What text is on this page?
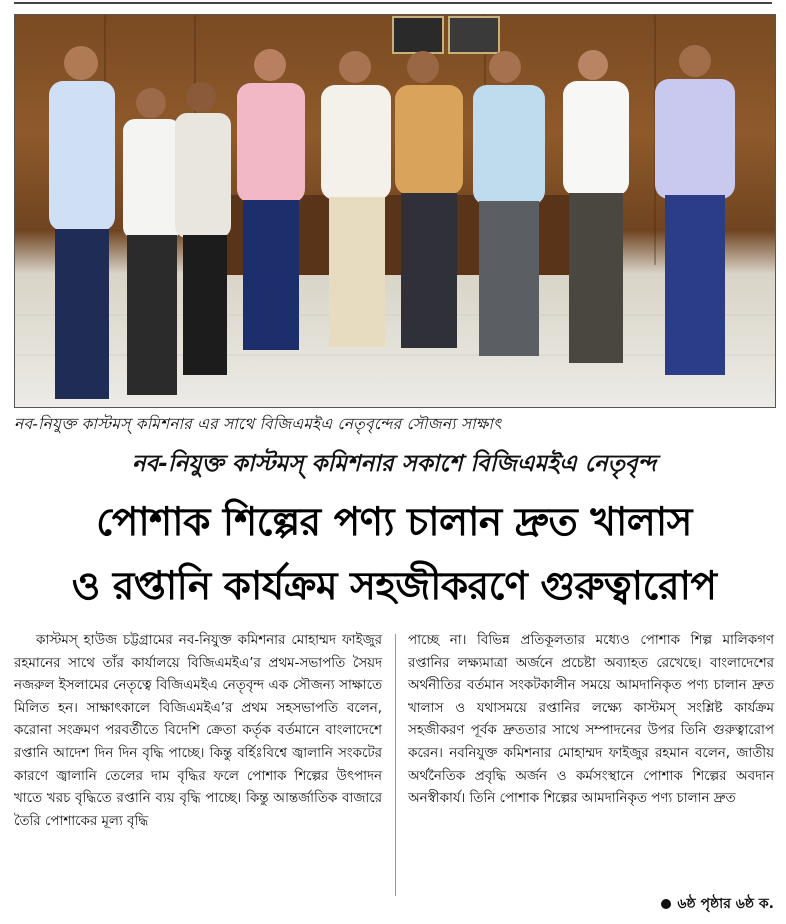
নব-নিযুক্ত কাস্টমস্ কমিশনার এর সাথে বিজিএমইএ নেতৃবৃন্দের সৌজন্য সাক্ষাৎ
নব-নিযুক্ত কাস্টমস্ কমিশনার সকাশে বিজিএমইএ নেতৃবৃন্দ
পোশাক শিল্পের পণ্য চালান দ্রুত খালাস
ও রপ্তানি কার্যক্রম সহজীকরণে গুরুত্বারোপ
কাস্টমস্ হাউজ চট্টগ্রামের নব-নিযুক্ত কমিশনার মোহাম্মদ ফাইজুর রহমানের সাথে তাঁর কার্যালয়ে বিজিএমইএ’র প্রথম-সভাপতি সৈয়দ নজরুল ইসলামের নেতৃত্বে বিজিএমইএ নেতৃবৃন্দ এক সৌজন্য সাক্ষাতে মিলিত হন। সাক্ষাৎকালে বিজিএমইএ’র প্রথম সহসভাপতি বলেন, করোনা সংক্রমণ পরবর্তীতে বিদেশি ক্রেতা কর্তৃক বর্তমানে বাংলাদেশে রপ্তানি আদেশ দিন দিন বৃদ্ধি পাচ্ছে। কিন্তু বর্হিঃবিশ্বে জ্বালানি সংকটের কারণে জ্বালানি তেলের দাম বৃদ্ধির ফলে পোশাক শিল্পের উৎপাদন খাতে খরচ বৃদ্ধিতে রপ্তানি ব্যয় বৃদ্ধি পাচ্ছে। কিন্তু আন্তর্জাতিক বাজারে তৈরি পোশাকের মূল্য বৃদ্ধি
পাচ্ছে না। বিভিন্ন প্রতিকূলতার মধ্যেও পোশাক শিল্প মালিকগণ রপ্তানির লক্ষ্যমাত্রা অর্জনে প্রচেষ্টা অব্যাহত রেখেছে। বাংলাদেশের অর্থনীতির বর্তমান সংকটকালীন সময়ে আমদানিকৃত পণ্য চালান দ্রুত খালাস ও যথাসময়ে রপ্তানির লক্ষ্যে কাস্টমস্ সংশ্লিষ্ট কার্যক্রম সহজীকরণ পূর্বক দ্রুততার সাথে সম্পাদনের উপর তিনি গুরুত্বারোপ করেন। নবনিযুক্ত কমিশনার মোহাম্মদ ফাইজুর রহমান বলেন, জাতীয় অর্থনৈতিক প্রবৃদ্ধি অর্জন ও কর্মসংস্থানে পোশাক শিল্পের অবদান অনস্বীকার্য। তিনি পোশাক শিল্পের আমদানিকৃত পণ্য চালান দ্রুত
৬ষ্ঠ পৃষ্ঠার ৬ষ্ঠ ক.
